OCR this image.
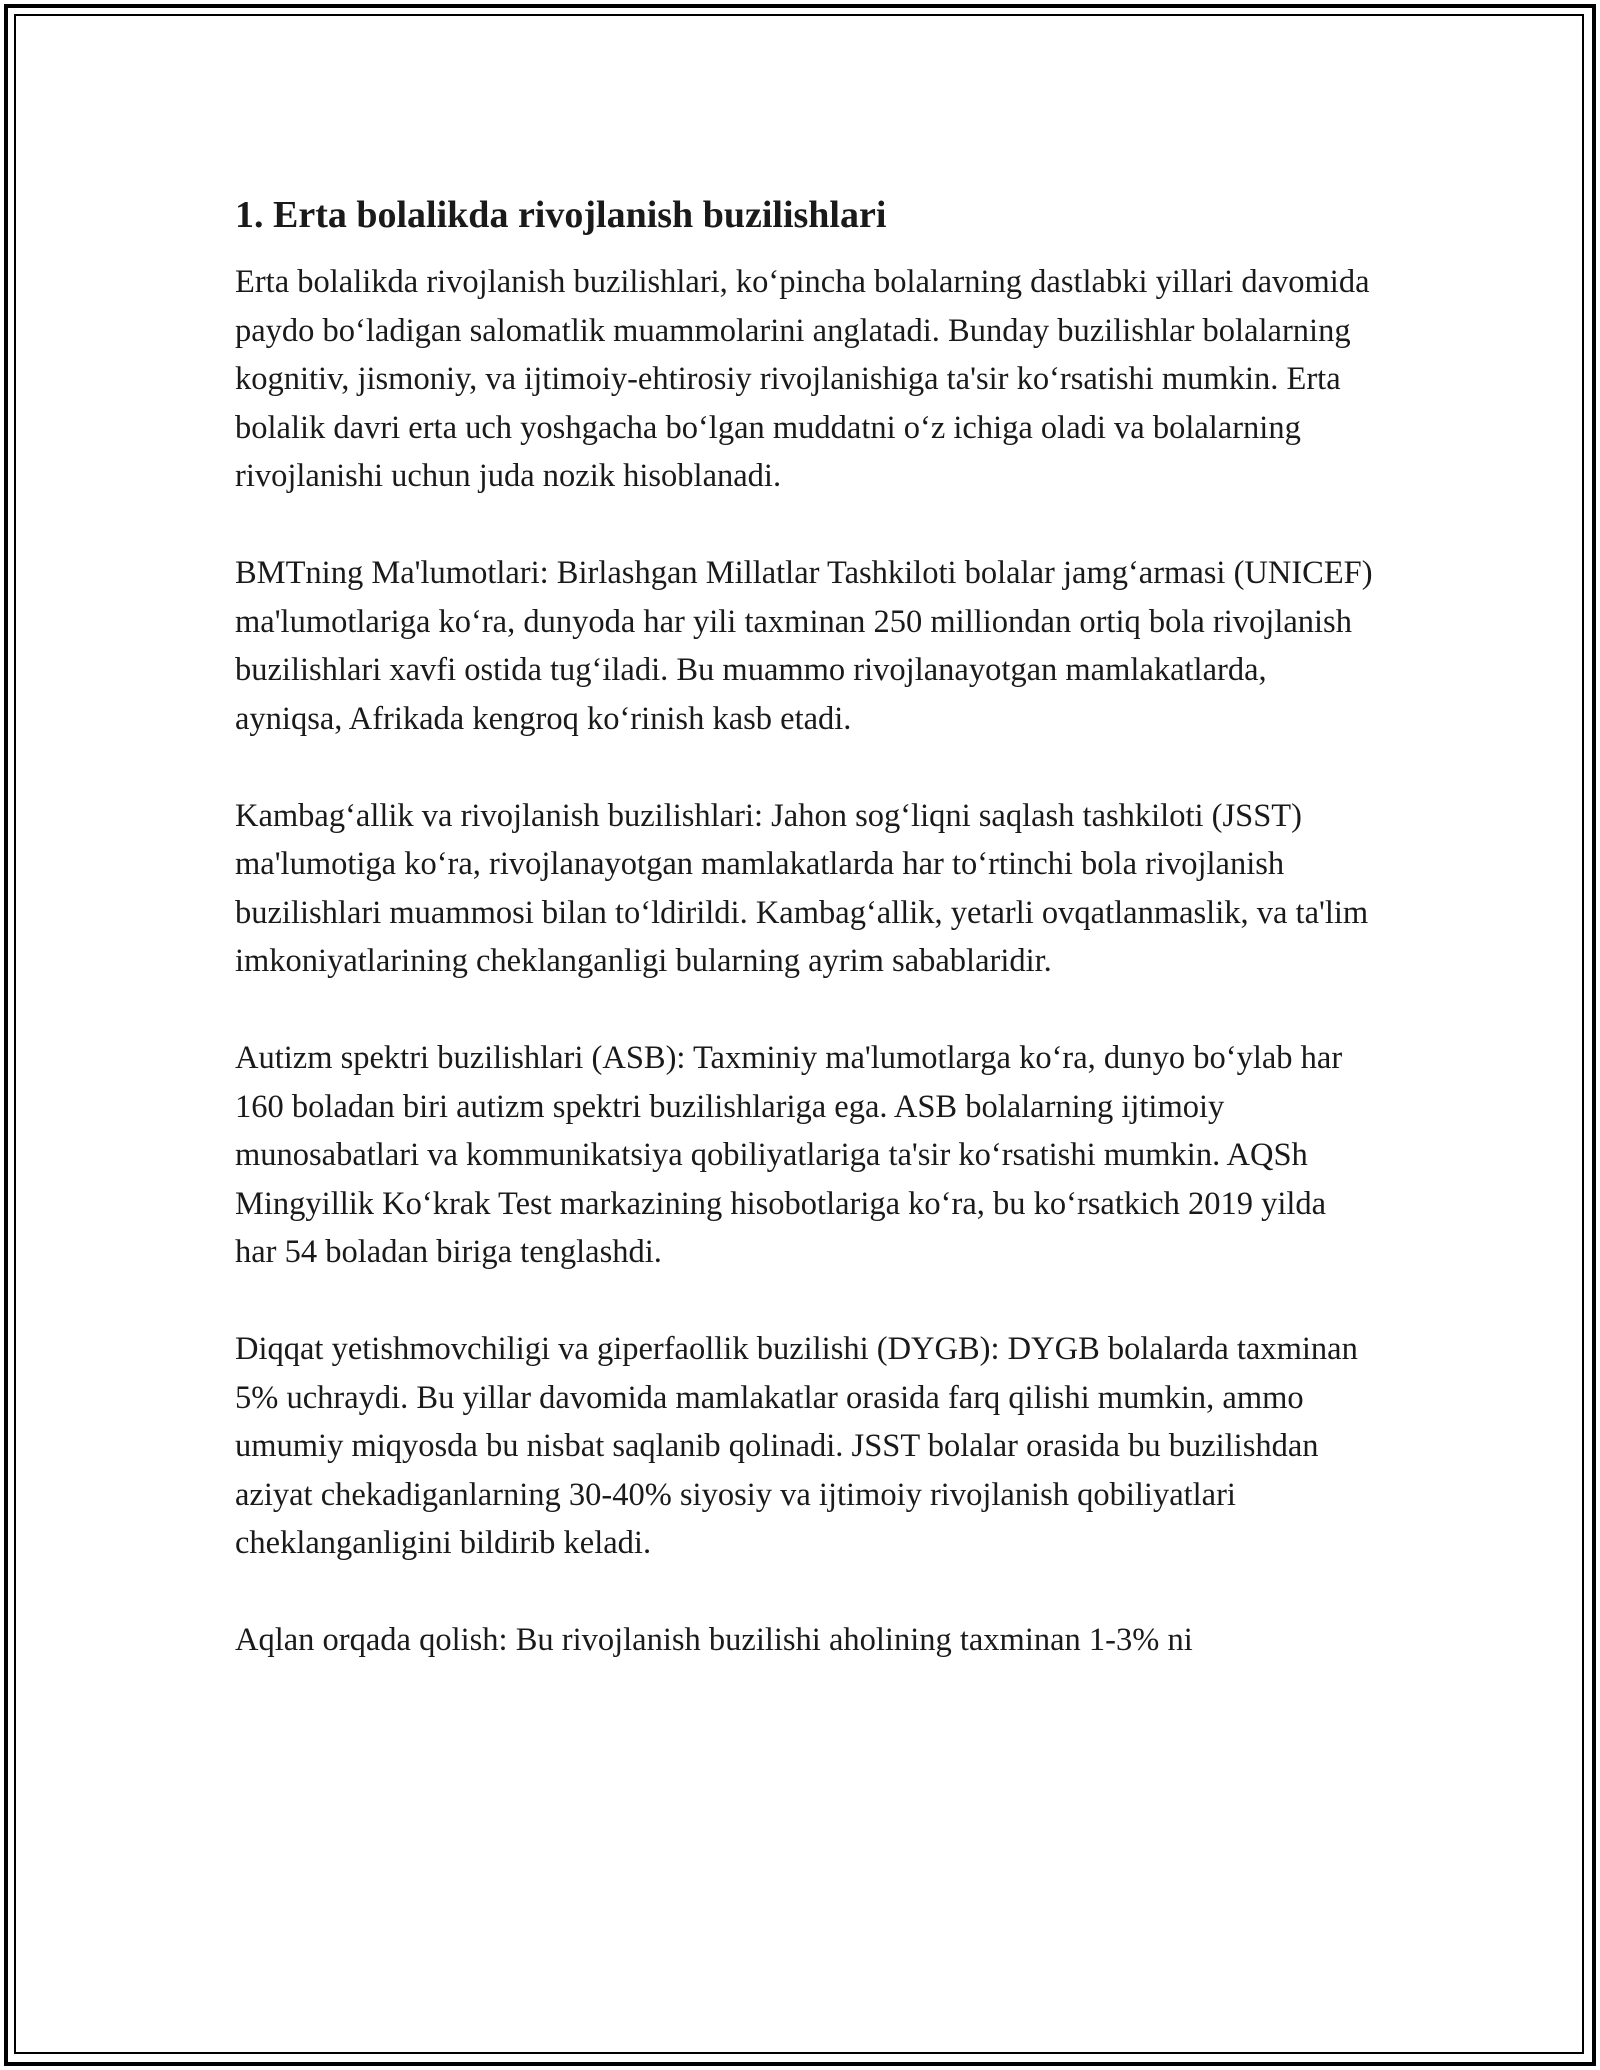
1. Erta bolalikda rivojlanish buzilishlari

Erta bolalikda rivojlanish buzilishlari, ko‘pincha bolalarning dastlabki yillari davomida paydo bo‘ladigan salomatlik muammolarini anglatadi. Bunday buzilishlar bolalarning kognitiv, jismoniy, va ijtimoiy-ehtirosiy rivojlanishiga ta'sir ko‘rsatishi mumkin. Erta bolalik davri erta uch yoshgacha bo‘lgan muddatni o‘z ichiga oladi va bolalarning rivojlanishi uchun juda nozik hisoblanadi.

BMTning Ma'lumotlari: Birlashgan Millatlar Tashkiloti bolalar jamg‘armasi (UNICEF) ma'lumotlariga ko‘ra, dunyoda har yili taxminan 250 milliondan ortiq bola rivojlanish buzilishlari xavfi ostida tug‘iladi. Bu muammo rivojlanayotgan mamlakatlarda, ayniqsa, Afrikada kengroq ko‘rinish kasb etadi.

Kambag‘allik va rivojlanish buzilishlari: Jahon sog‘liqni saqlash tashkiloti (JSST) ma'lumotiga ko‘ra, rivojlanayotgan mamlakatlarda har to‘rtinchi bola rivojlanish buzilishlari muammosi bilan to‘ldirildi. Kambag‘allik, yetarli ovqatlanmaslik, va ta'lim imkoniyatlarining cheklanganligi bularning ayrim sabablaridir.

Autizm spektri buzilishlari (ASB): Taxminiy ma'lumotlarga ko‘ra, dunyo bo‘ylab har 160 boladan biri autizm spektri buzilishlariga ega. ASB bolalarning ijtimoiy munosabatlari va kommunikatsiya qobiliyatlariga ta'sir ko‘rsatishi mumkin. AQSh Mingyillik Ko‘krak Test markazining hisobotlariga ko‘ra, bu ko‘rsatkich 2019 yilda har 54 boladan biriga tenglashdi.

Diqqat yetishmovchiligi va giperfaollik buzilishi (DYGB): DYGB bolalarda taxminan 5% uchraydi. Bu yillar davomida mamlakatlar orasida farq qilishi mumkin, ammo umumiy miqyosda bu nisbat saqlanib qolinadi. JSST bolalar orasida bu buzilishdan aziyat chekadiganlarning 30-40% siyosiy va ijtimoiy rivojlanish qobiliyatlari cheklanganligini bildirib keladi.

Aqlan orqada qolish: Bu rivojlanish buzilishi aholining taxminan 1-3% ni
